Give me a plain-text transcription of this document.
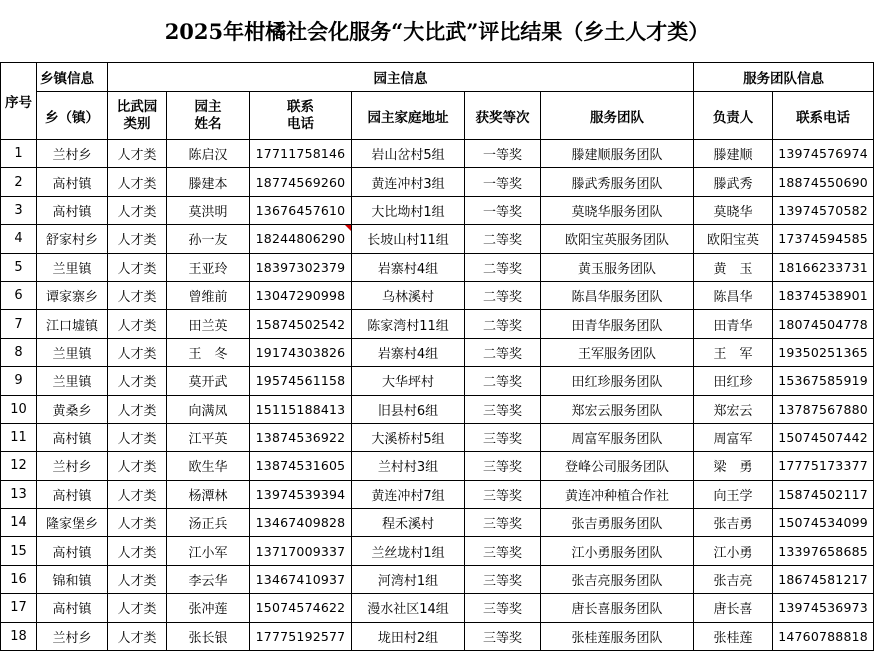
2025年柑橘社会化服务“大比武”评比结果（乡土人才类）
序号	乡镇信息	园主信息						服务团队信息	
	乡（镇）	比武园类别	园主姓名	联系电话	园主家庭地址	获奖等次	服务团队	负责人	联系电话
1	兰村乡	人才类	陈启汉	17711758146	岩山岔村5组	一等奖	滕建顺服务团队	滕建顺	13974576974
2	高村镇	人才类	滕建本	18774569260	黄连冲村3组	一等奖	滕武秀服务团队	滕武秀	18874550690
3	高村镇	人才类	莫洪明	13676457610	大比坳村1组	一等奖	莫晓华服务团队	莫晓华	13974570582
4	舒家村乡	人才类	孙一友	18244806290	长坡山村11组	二等奖	欧阳宝英服务团队	欧阳宝英	17374594585
5	兰里镇	人才类	王亚玲	18397302379	岩寨村4组	二等奖	黄玉服务团队	黄　玉	18166233731
6	谭家寨乡	人才类	曾维前	13047290998	乌林溪村	二等奖	陈昌华服务团队	陈昌华	18374538901
7	江口墟镇	人才类	田兰英	15874502542	陈家湾村11组	二等奖	田青华服务团队	田青华	18074504778
8	兰里镇	人才类	王　冬	19174303826	岩寨村4组	二等奖	王军服务团队	王　军	19350251365
9	兰里镇	人才类	莫开武	19574561158	大华坪村	二等奖	田红珍服务团队	田红珍	15367585919
10	黄桑乡	人才类	向满凤	15115188413	旧县村6组	三等奖	郑宏云服务团队	郑宏云	13787567880
11	高村镇	人才类	江平英	13874536922	大溪桥村5组	三等奖	周富军服务团队	周富军	15074507442
12	兰村乡	人才类	欧生华	13874531605	兰村村3组	三等奖	登峰公司服务团队	梁　勇	17775173377
13	高村镇	人才类	杨潭林	13974539394	黄连冲村7组	三等奖	黄连冲种植合作社	向王学	15874502117
14	隆家堡乡	人才类	汤正兵	13467409828	程禾溪村	三等奖	张吉勇服务团队	张吉勇	15074534099
15	高村镇	人才类	江小军	13717009337	兰丝垅村1组	三等奖	江小勇服务团队	江小勇	13397658685
16	锦和镇	人才类	李云华	13467410937	河湾村1组	三等奖	张吉亮服务团队	张吉亮	18674581217
17	高村镇	人才类	张冲莲	15074574622	漫水社区14组	三等奖	唐长喜服务团队	唐长喜	13974536973
18	兰村乡	人才类	张长银	17775192577	垅田村2组	三等奖	张桂莲服务团队	张桂莲	14760788818
